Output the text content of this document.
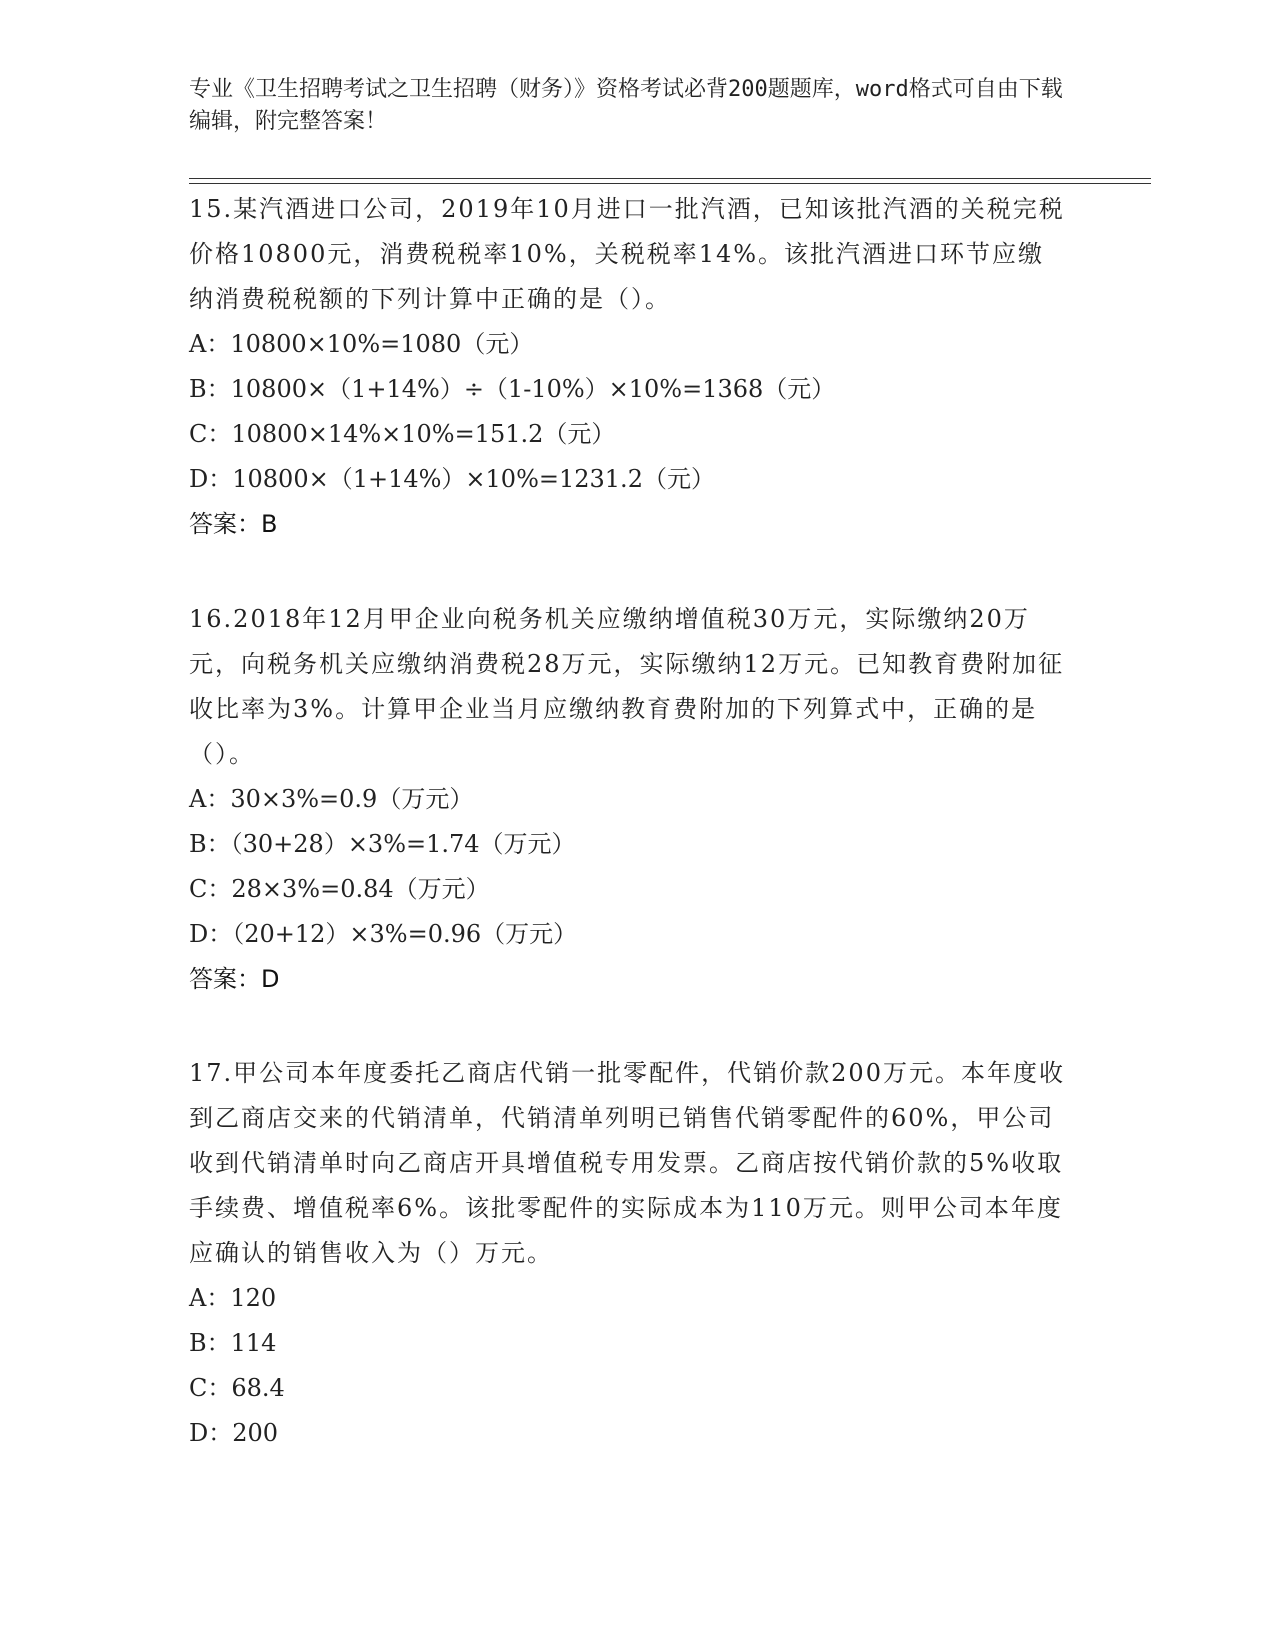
专业《卫生招聘考试之卫生招聘（财务）》资格考试必背200题题库，word格式可自由下载编辑，附完整答案！
15.某汽酒进口公司，2019年10月进口一批汽酒，已知该批汽酒的关税完税价格10800元，消费税税率10%，关税税率14%。该批汽酒进口环节应缴纳消费税税额的下列计算中正确的是（）。
A：10800×10%=1080（元）
B：10800×（1+14%）÷（1-10%）×10%=1368（元）
C：10800×14%×10%=151.2（元）
D：10800×（1+14%）×10%=1231.2（元）
答案：B
16.2018年12月甲企业向税务机关应缴纳增值税30万元，实际缴纳20万元，向税务机关应缴纳消费税28万元，实际缴纳12万元。已知教育费附加征收比率为3%。计算甲企业当月应缴纳教育费附加的下列算式中，正确的是（）。
A：30×3%=0.9（万元）
B：（30+28）×3%=1.74（万元）
C：28×3%=0.84（万元）
D：（20+12）×3%=0.96（万元）
答案：D
17.甲公司本年度委托乙商店代销一批零配件，代销价款200万元。本年度收到乙商店交来的代销清单，代销清单列明已销售代销零配件的60%，甲公司收到代销清单时向乙商店开具增值税专用发票。乙商店按代销价款的5%收取手续费、增值税率6%。该批零配件的实际成本为110万元。则甲公司本年度应确认的销售收入为（）万元。
A：120
B：114
C：68.4
D：200
